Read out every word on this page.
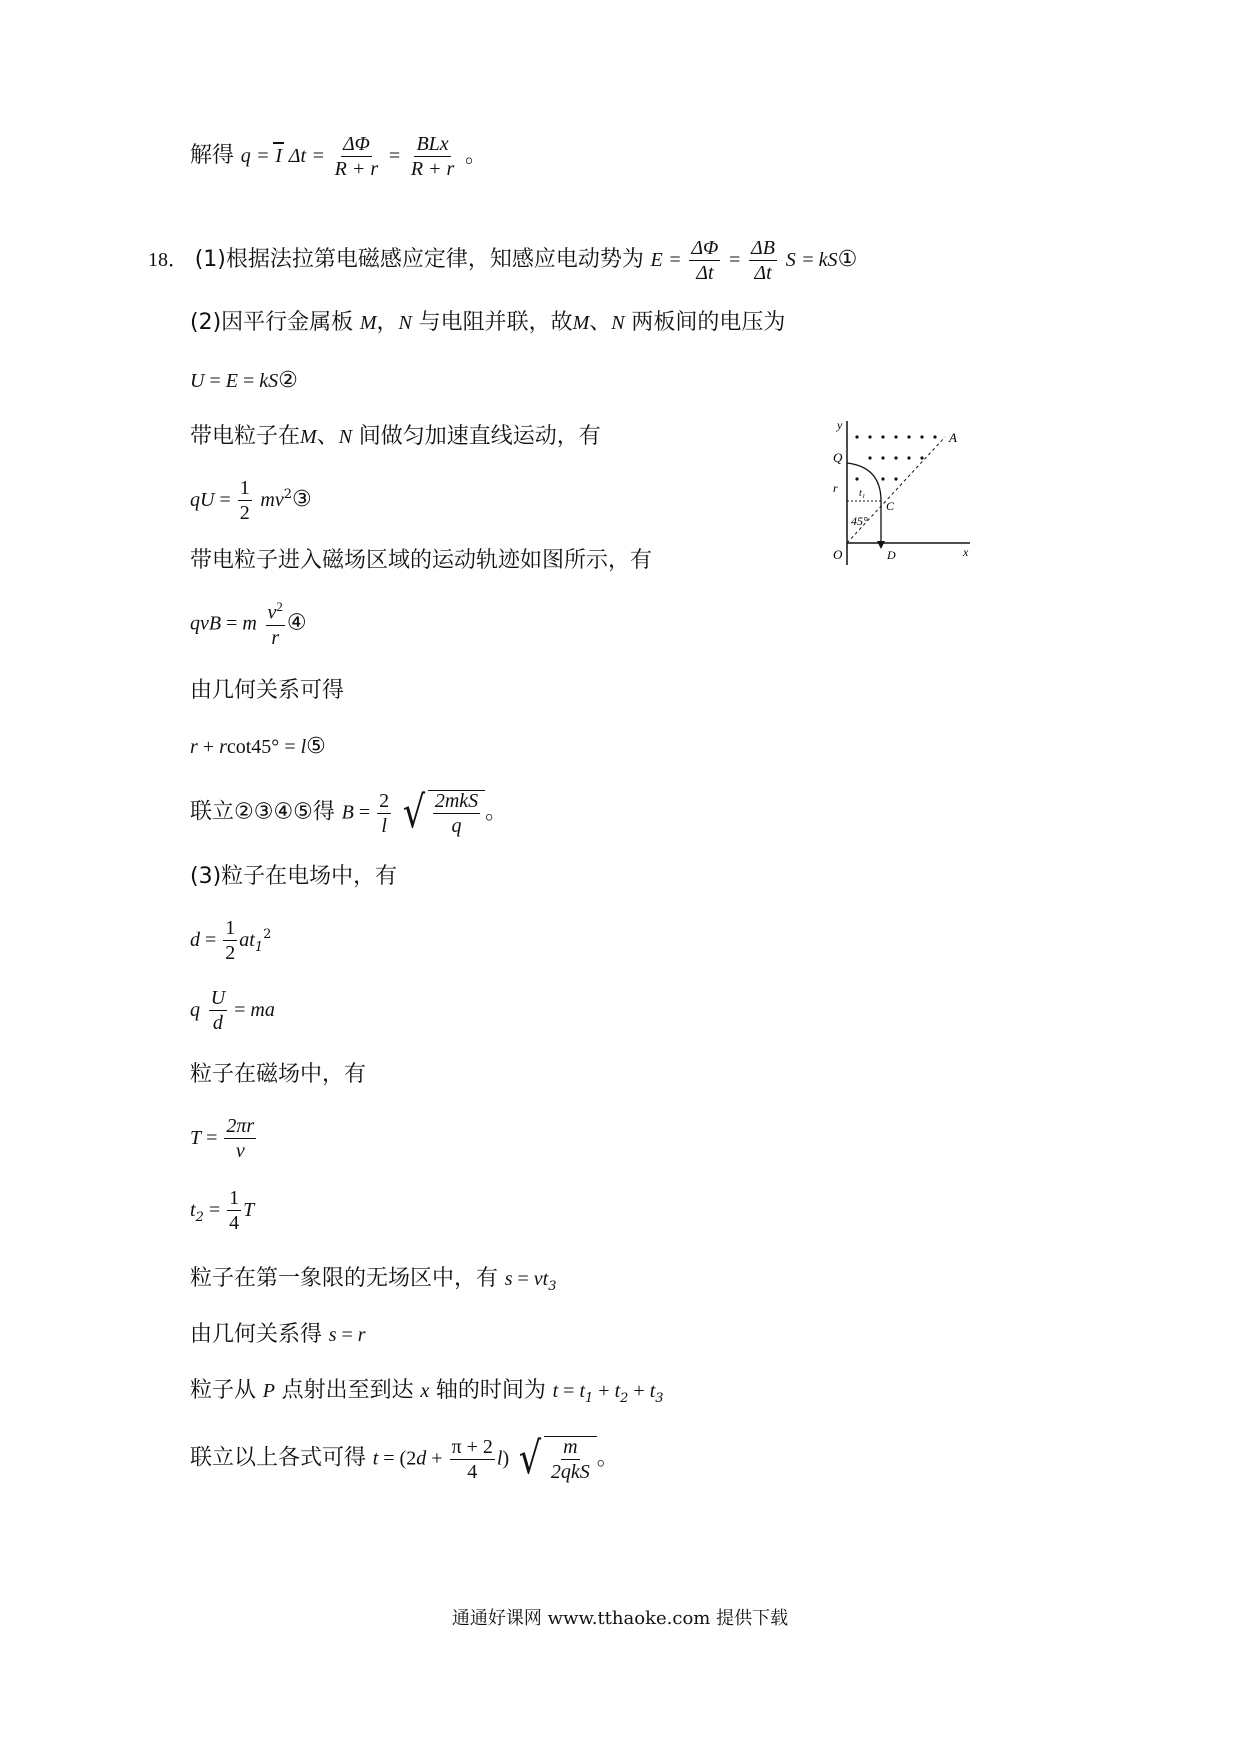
解得 q = I $\Delta t = \frac{\Delta\Phi}{R + r} = \frac{\text{BLx}}{R + r}$ 。
18． (1)根据法拉第电磁感应定律，知感应电动势为 $E = \frac{\Delta\Phi}{\Delta t} = \frac{\Delta B}{\Delta t}$ S = kS①
(2)因平行金属板 M，N 与电阻并联，故M、N 两板间的电压为
U = E = kS②
带电粒子在M、N 间做匀加速直线运动，有
qU = $\frac{1}{2}$ $mv^2③$
带电粒子进入磁场区域的运动轨迹如图所示，有
qvB = m $\frac{v^2}{r}$ ④
由几何关系可得
r + rcot45° = l⑤
联立②③④⑤得 $B = \frac{2}{l}$
√ $\frac{\text{2mkS}}{q}$ 。
(3)粒子在电场中，有
$d = \frac{1}{2} at_1^2$
q $\frac{U}{d}$ = ma
粒子在磁场中，有
$T = \frac{2\pi r}{v}$
$t_2 = \frac{1}{4}$ T
粒子在第一象限的无场区中，有 $s = vt_3$
由几何关系得 s = r
粒子从 P 点射出至到达 x 轴的时间为 $t = t_1 + t_2 + t_3$
联立以上各式可得 $t = (2d + \frac{\pi + 2}{4} l)$ √ $\frac{m}{\text{2qkS}}$ 。
y
x
O
Q
A
C
D
r
45°
t₁
通通好课网 www.tthaoke.com 提供下载
